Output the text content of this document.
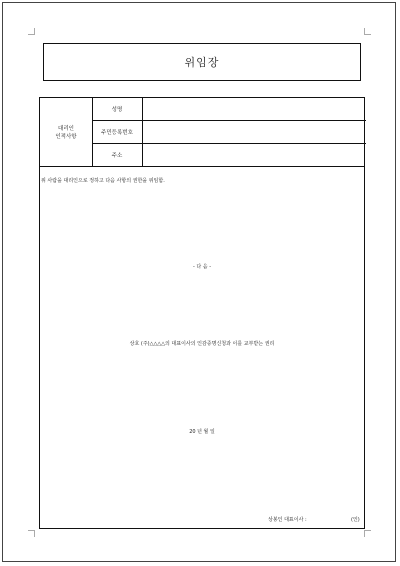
위임장
대리인
인적사항
성명
주민등록번호
주소
위 사람을 대리인으로 정하고 다음 사항의 권한을 위임함.
- 다 음 -
상호 (주)△△△△의 대표이사의 인감증명신청과 이를 교부받는 권리
20 년 월 일
상봉인 대표이사 :	(인)
